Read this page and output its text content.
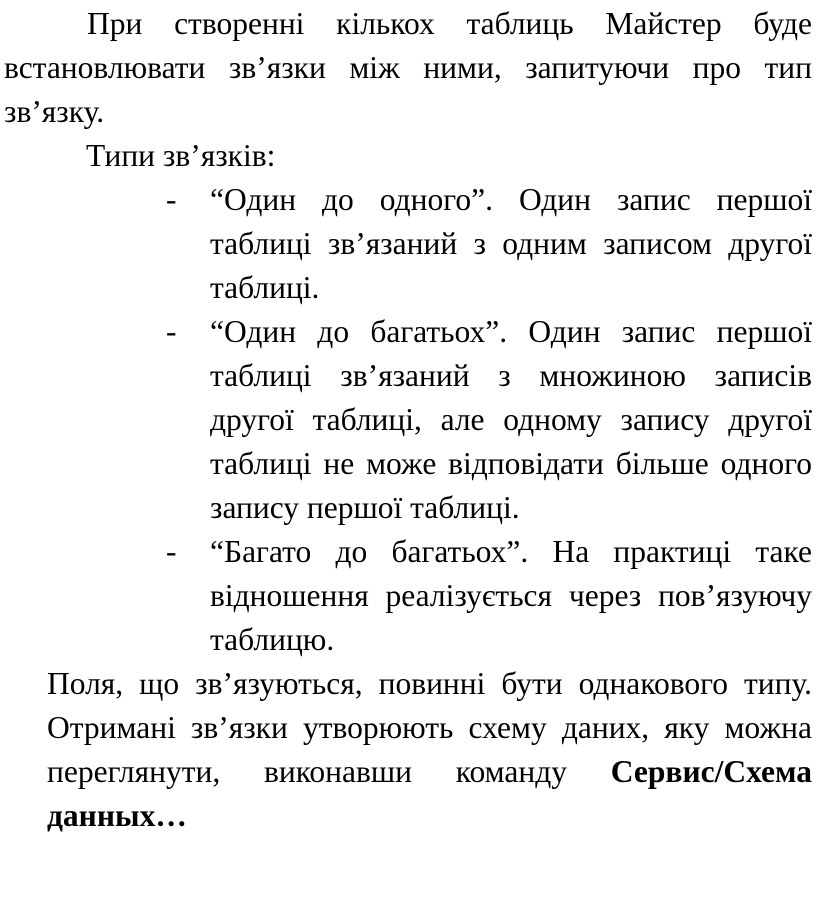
При створенні кількох таблиць Майстер буде встановлювати зв’язки між ними, запитуючи про тип зв’язку.

Типи зв’язків:

- “Один до одного”. Один запис першої таблиці зв’язаний з одним записом другої таблиці.
- “Один до багатьох”. Один запис першої таблиці зв’язаний з множиною записів другої таблиці, але одному запису другої таблиці не може відповідати більше одного запису першої таблиці.
- “Багато до багатьох”. На практиці таке відношення реалізується через пов’язуючу таблицю.

Поля, що зв’язуються, повинні бути однакового типу. Отримані зв’язки утворюють схему даних, яку можна переглянути, виконавши команду Сервис/Схема данных…
